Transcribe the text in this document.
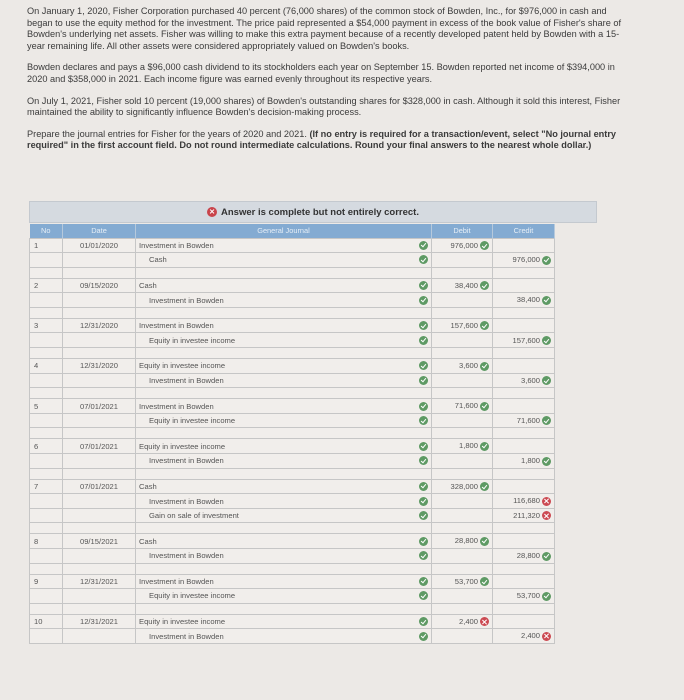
On January 1, 2020, Fisher Corporation purchased 40 percent (76,000 shares) of the common stock of Bowden, Inc., for $976,000 in cash and began to use the equity method for the investment. The price paid represented a $54,000 payment in excess of the book value of Fisher's share of Bowden's underlying net assets. Fisher was willing to make this extra payment because of a recently developed patent held by Bowden with a 15-year remaining life. All other assets were considered appropriately valued on Bowden's books.

Bowden declares and pays a $96,000 cash dividend to its stockholders each year on September 15. Bowden reported net income of $394,000 in 2020 and $358,000 in 2021. Each income figure was earned evenly throughout its respective years.

On July 1, 2021, Fisher sold 10 percent (19,000 shares) of Bowden's outstanding shares for $328,000 in cash. Although it sold this interest, Fisher maintained the ability to significantly influence Bowden's decision-making process.

Prepare the journal entries for Fisher for the years of 2020 and 2021. (If no entry is required for a transaction/event, select "No journal entry required" in the first account field. Do not round intermediate calculations. Round your final answers to the nearest whole dollar.)

✕ Answer is complete but not entirely correct.
No	Date	General Journal	Debit	Credit
1	01/01/2020	Investment in Bowden	976,000	
		Cash		976,000

2	09/15/2020	Cash	38,400	
		Investment in Bowden		38,400

3	12/31/2020	Investment in Bowden	157,600	
		Equity in investee income		157,600

4	12/31/2020	Equity in investee income	3,600	
		Investment in Bowden		3,600

5	07/01/2021	Investment in Bowden	71,600	
		Equity in investee income		71,600

6	07/01/2021	Equity in investee income	1,800	
		Investment in Bowden		1,800

7	07/01/2021	Cash	328,000	
		Investment in Bowden		116,680
		Gain on sale of investment		211,320

8	09/15/2021	Cash	28,800	
		Investment in Bowden		28,800

9	12/31/2021	Investment in Bowden	53,700	
		Equity in investee income		53,700

10	12/31/2021	Equity in investee income	2,400	
		Investment in Bowden		2,400
